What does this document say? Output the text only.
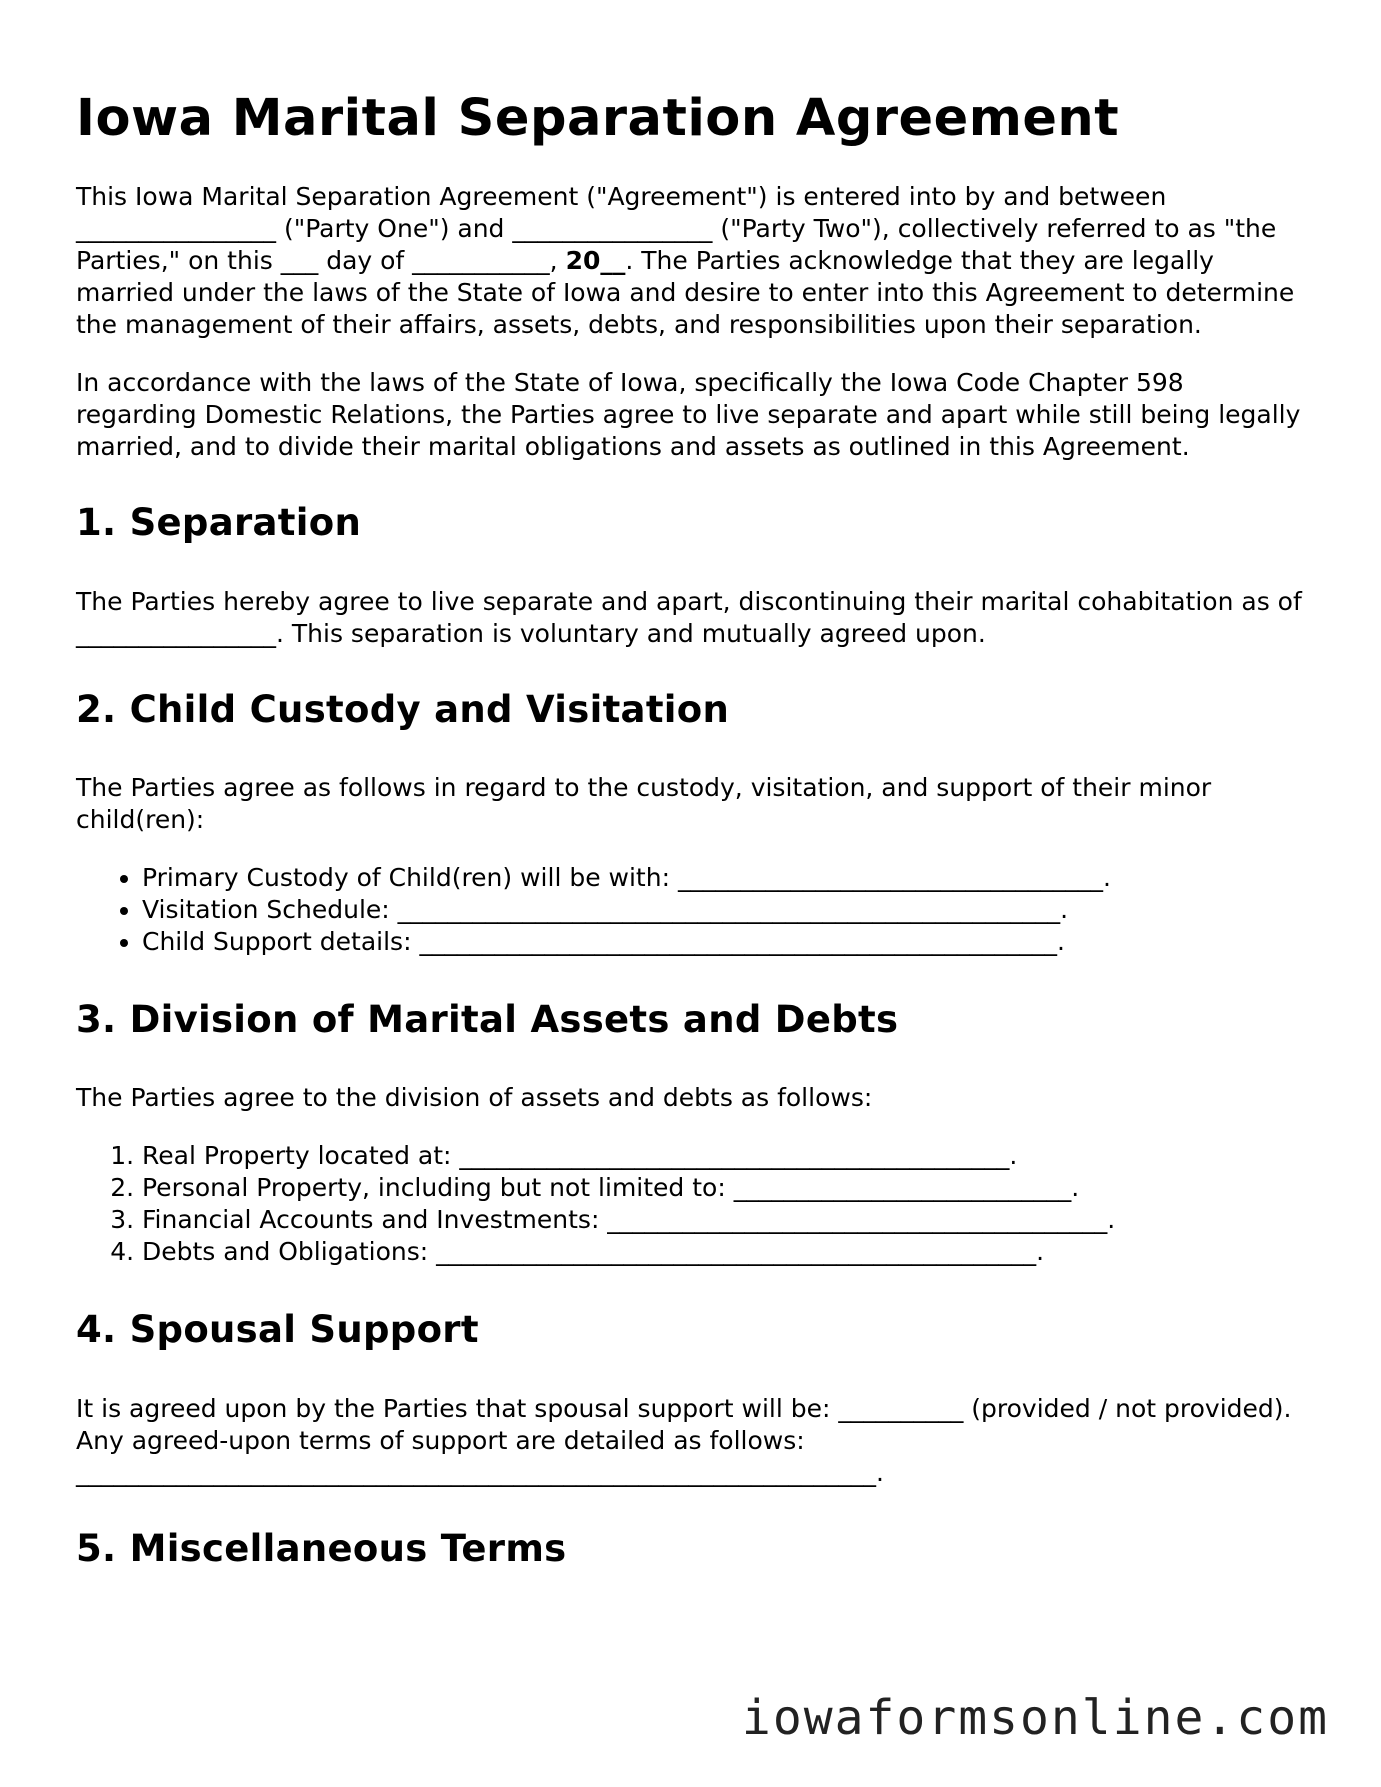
Iowa Marital Separation Agreement

This Iowa Marital Separation Agreement ("Agreement") is entered into by and between ________________ ("Party One") and ________________ ("Party Two"), collectively referred to as "the Parties," on this ___ day of ___________, 20__. The Parties acknowledge that they are legally married under the laws of the State of Iowa and desire to enter into this Agreement to determine the management of their affairs, assets, debts, and responsibilities upon their separation.

In accordance with the laws of the State of Iowa, specifically the Iowa Code Chapter 598 regarding Domestic Relations, the Parties agree to live separate and apart while still being legally married, and to divide their marital obligations and assets as outlined in this Agreement.

1. Separation

The Parties hereby agree to live separate and apart, discontinuing their marital cohabitation as of ________________. This separation is voluntary and mutually agreed upon.

2. Child Custody and Visitation

The Parties agree as follows in regard to the custody, visitation, and support of their minor child(ren):

• Primary Custody of Child(ren) will be with: __________________________________.
• Visitation Schedule: _____________________________________________________.
• Child Support details: ___________________________________________________.
3. Division of Marital Assets and Debts

The Parties agree to the division of assets and debts as follows:

1. Real Property located at: ____________________________________________.
2. Personal Property, including but not limited to: ___________________________.
3. Financial Accounts and Investments: ________________________________________.
4. Debts and Obligations: ________________________________________________.
4. Spousal Support

It is agreed upon by the Parties that spousal support will be: __________ (provided / not provided). Any agreed-upon terms of support are detailed as follows: ________________________________________________________________.

5. Miscellaneous Terms
iowaformsonline.com
